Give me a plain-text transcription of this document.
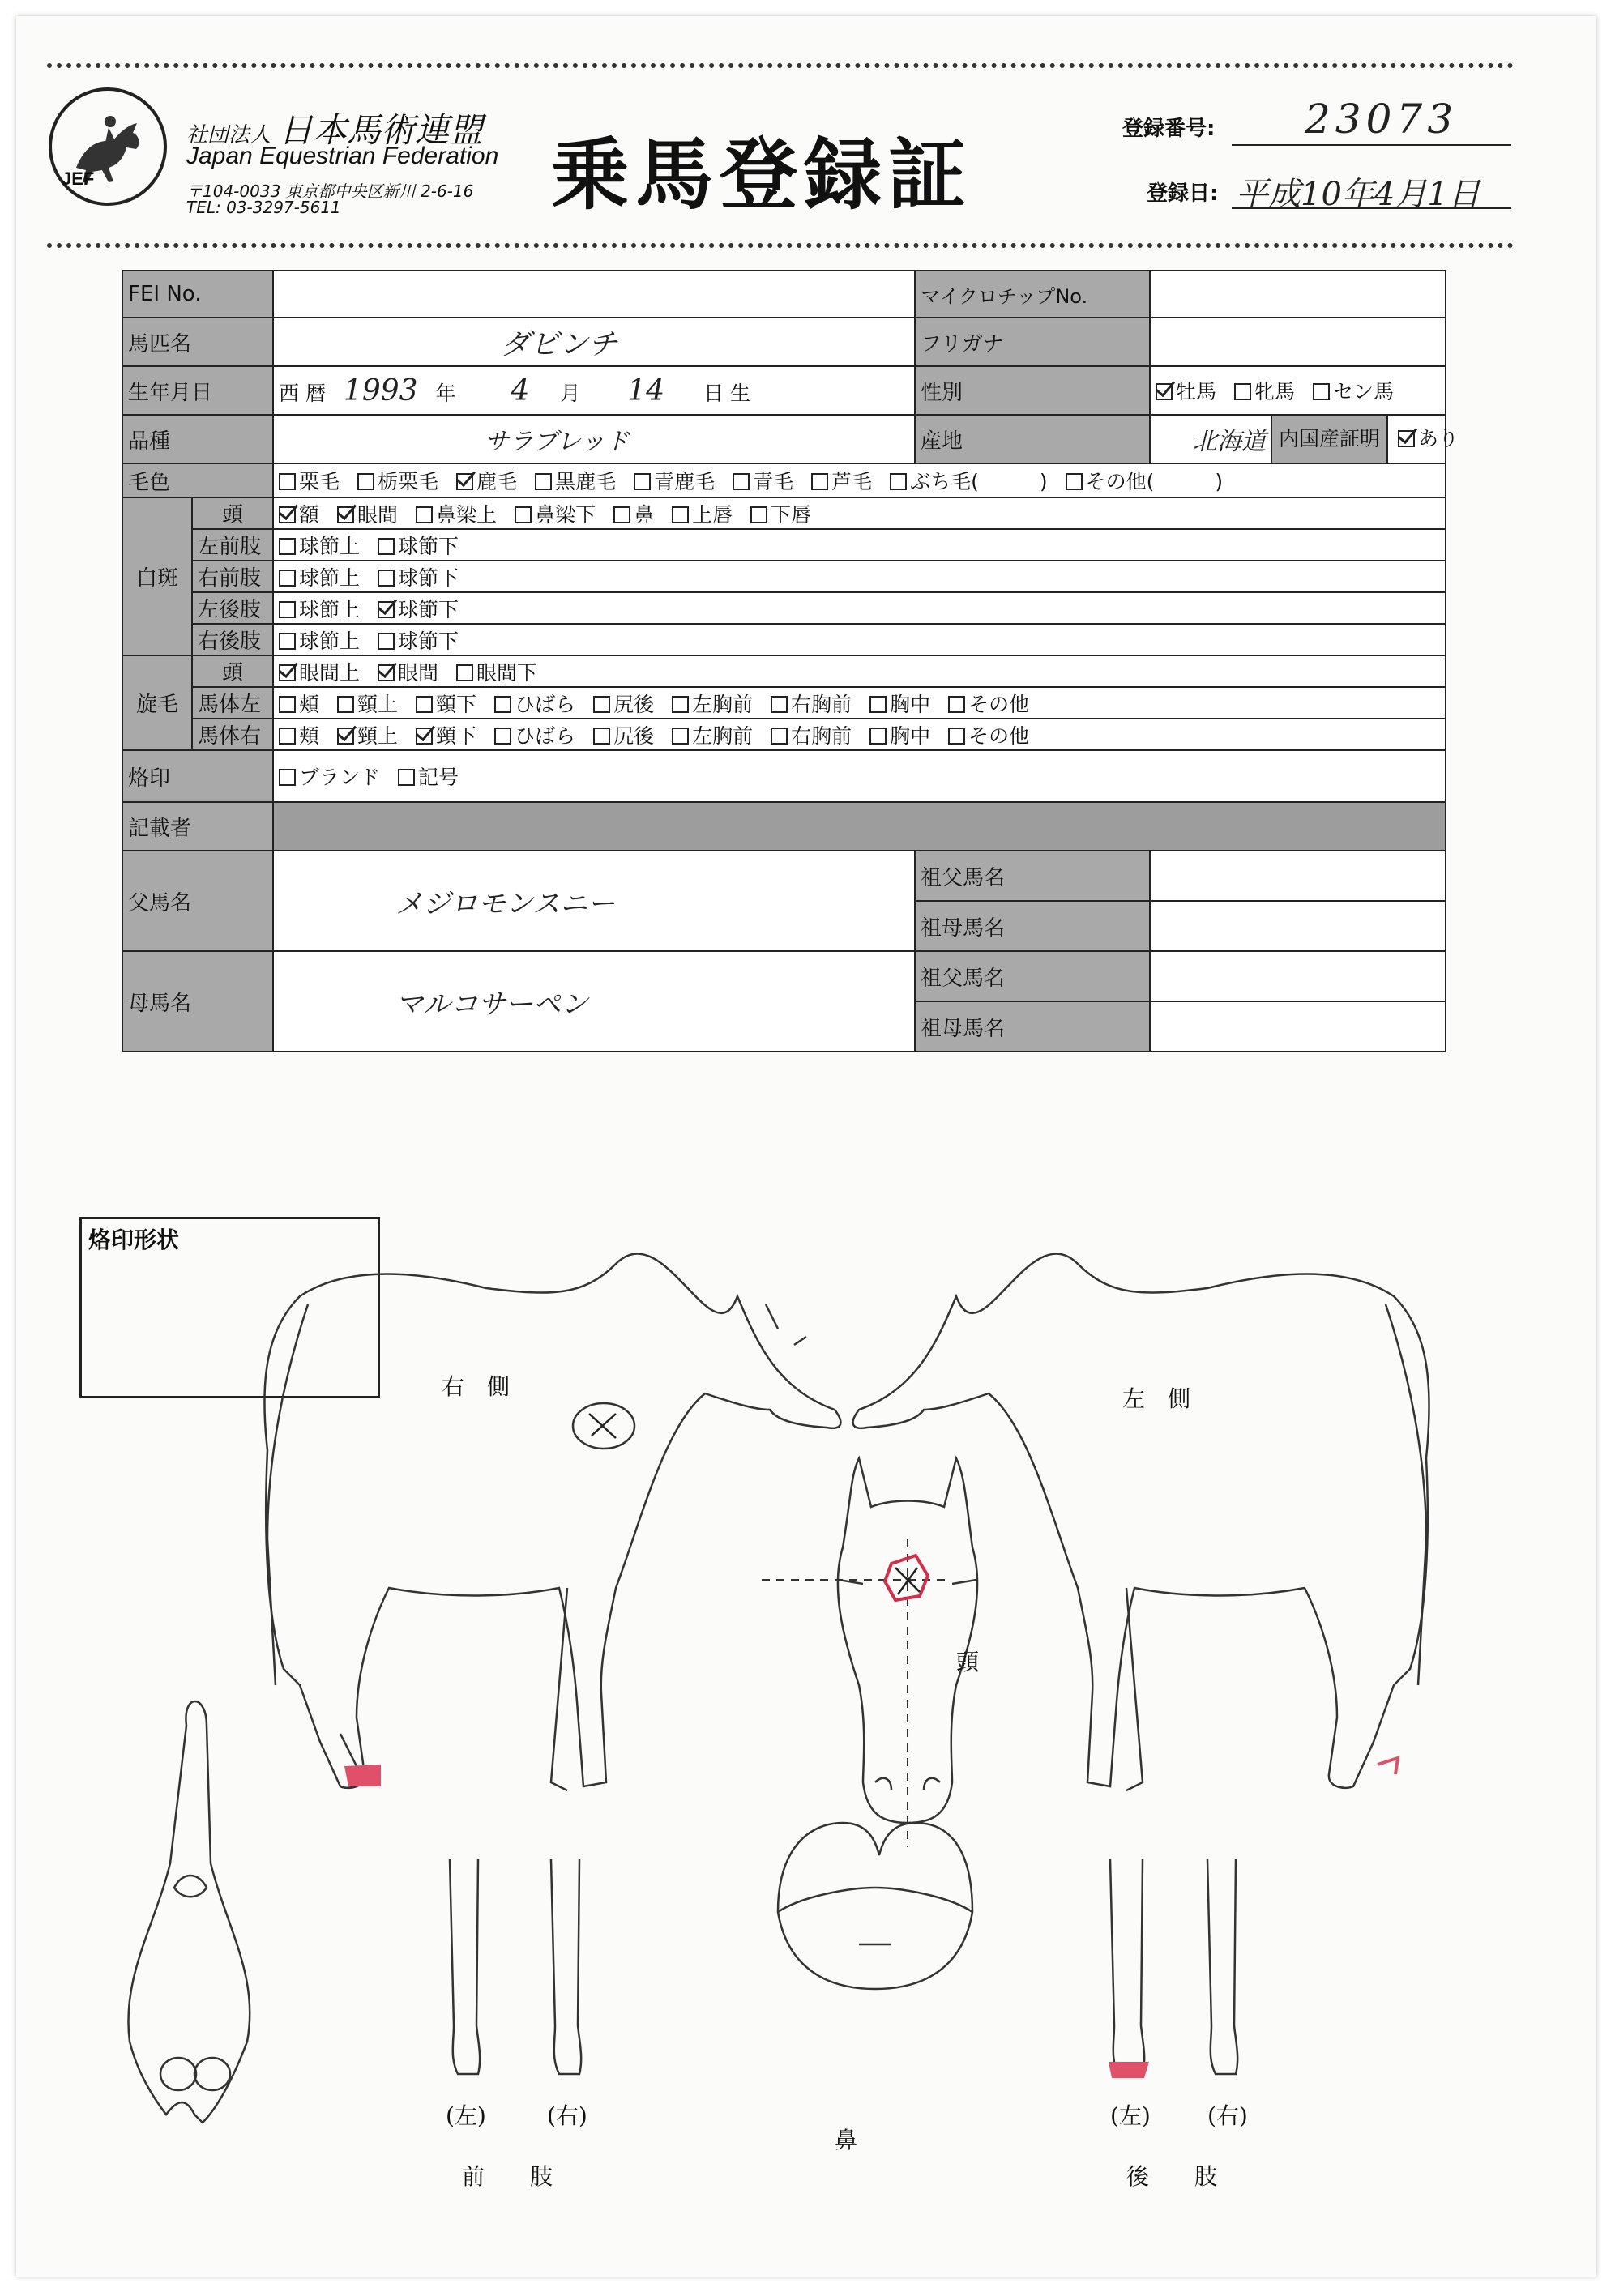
JEF
社団法人 日本馬術連盟
Japan Equestrian Federation
〒104-0033 東京都中央区新川 2-6-16
TEL: 03-3297-5611	乗馬登録証	登録番号: 23073
登録日: 平成10年4月1日
FEI No.			マイクロチップNo.		
馬匹名		ダビンチ	フリガナ		
生年月日		西 暦 1993 年 4 月 14 日 生	性別	牡馬 牝馬 セン馬	
品種		サラブレッド	産地	北海道	内国産証明 あり
毛色		栗毛 栃栗毛 鹿毛 黒鹿毛 青鹿毛 青毛 芦毛 ぶち毛(　　　) その他(　　　)			
白斑	頭	額 眼間 鼻梁上 鼻梁下 鼻 上唇 下唇			
	左前肢	球節上 球節下			
	右前肢	球節上 球節下			
	左後肢	球節上 球節下			
	右後肢	球節上 球節下			
旋毛	頭	眼間上 眼間 眼間下			
	馬体左	頬 頸上 頸下 ひばら 尻後 左胸前 右胸前 胸中 その他			
	馬体右	頬 頸上 頸下 ひばら 尻後 左胸前 右胸前 胸中 その他			
烙印		ブランド 記号			
記載者					
父馬名		メジロモンスニー	祖父馬名		
			祖母馬名		
母馬名		マルコサーペン	祖父馬名		
			祖母馬名		
烙印形状
右　側	左　側
頭
鼻
(左)	(右)
前　　肢
(左)	(右)
後　　肢
